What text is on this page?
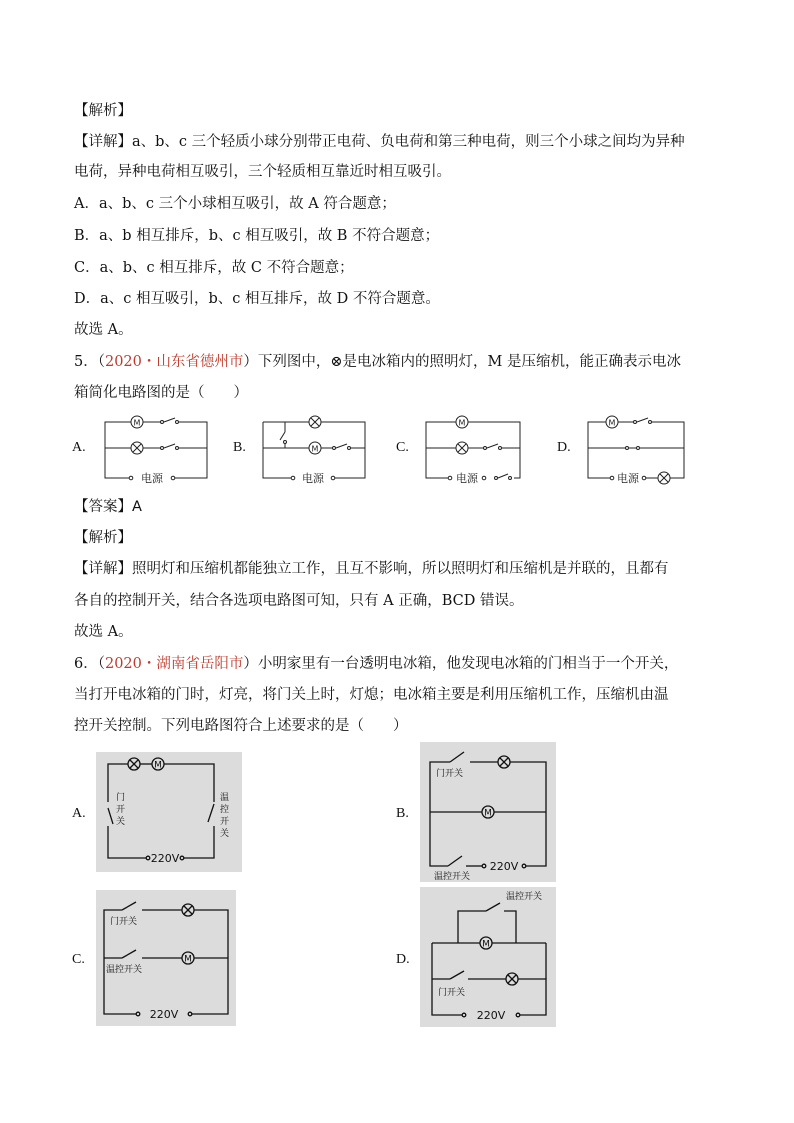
【解析】
【详解】a、b、c 三个轻质小球分别带正电荷、负电荷和第三种电荷，则三个小球之间均为异种
电荷，异种电荷相互吸引，三个轻质相互靠近时相互吸引。
A．a、b、c 三个小球相互吸引，故 A 符合题意；
B．a、b 相互排斥，b、c 相互吸引，故 B 不符合题意；
C．a、b、c 相互排斥，故 C 不符合题意；
D．a、c 相互吸引，b、c 相互排斥，故 D 不符合题意。
故选 A。
5．（2020・山东省德州市）下列图中，⊗是电冰箱内的照明灯，M 是压缩机，能正确表示电冰
箱简化电路图的是（　　）
A.	B.	C.	D.
M
电源
M
电源
M
电源
M
电源
【答案】A
【解析】
【详解】照明灯和压缩机都能独立工作，且互不影响，所以照明灯和压缩机是并联的，且都有
各自的控制开关，结合各选项电路图可知，只有 A 正确，BCD 错误。
故选 A。
6．（2020・湖南省岳阳市）小明家里有一台透明电冰箱，他发现电冰箱的门相当于一个开关，
当打开电冰箱的门时，灯亮，将门关上时，灯熄；电冰箱主要是利用压缩机工作，压缩机由温
控开关控制。下列电路图符合上述要求的是（　　）
A.	B.
C.	D.
M
门
开
关
温
控
开
关
220V
门开关
M
220V
温控开关
门开关
M
温控开关
220V
M
温控开关
门开关
220V
